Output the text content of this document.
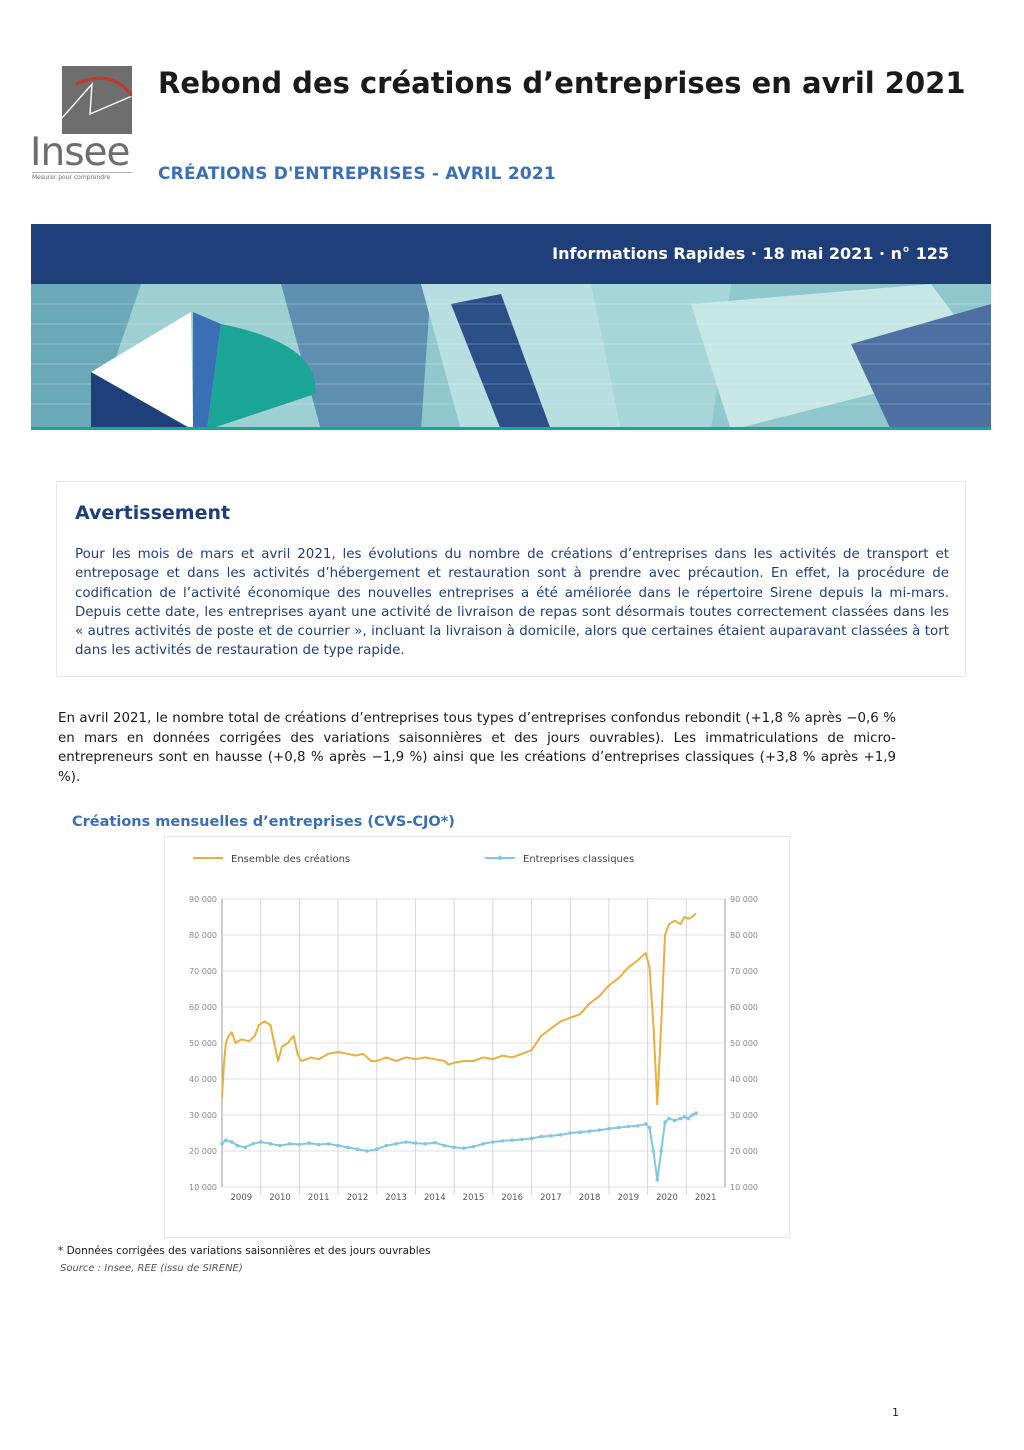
Insee
Mesurer pour comprendre
Rebond des créations d’entreprises en avril 2021
CRÉATIONS D'ENTREPRISES - AVRIL 2021
Informations Rapides · 18 mai 2021 · n° 125
Avertissement

Pour les mois de mars et avril 2021, les évolutions du nombre de créations d’entreprises dans les activités de transport et entreposage et dans les activités d’hébergement et restauration sont à prendre avec précaution. En effet, la procédure de codification de l’activité économique des nouvelles entreprises a été améliorée dans le répertoire Sirene depuis la mi-mars. Depuis cette date, les entreprises ayant une activité de livraison de repas sont désormais toutes correctement classées dans les « autres activités de poste et de courrier », incluant la livraison à domicile, alors que certaines étaient auparavant classées à tort dans les activités de restauration de type rapide.

En avril 2021, le nombre total de créations d’entreprises tous types d’entreprises confondus rebondit (+1,8 % après −0,6 % en mars en données corrigées des variations saisonnières et des jours ouvrables). Les immatriculations de micro-entrepreneurs sont en hausse (+0,8 % après −1,9 %) ainsi que les créations d’entreprises classiques (+3,8 % après +1,9 %).

Créations mensuelles d’entreprises (CVS-CJO*)
10 000	10 000
20 000	20 000
30 000	30 000
40 000	40 000
50 000	50 000
60 000	60 000
70 000	70 000
80 000	80 000
90 000	90 000
2009 2010 2011 2012 2013 2014 2015 2016 2017 2018 2019 2020 2021
Ensemble des créations	Entreprises classiques
* Données corrigées des variations saisonnières et des jours ouvrables
Source : Insee, REE (issu de SIRENE)
1
